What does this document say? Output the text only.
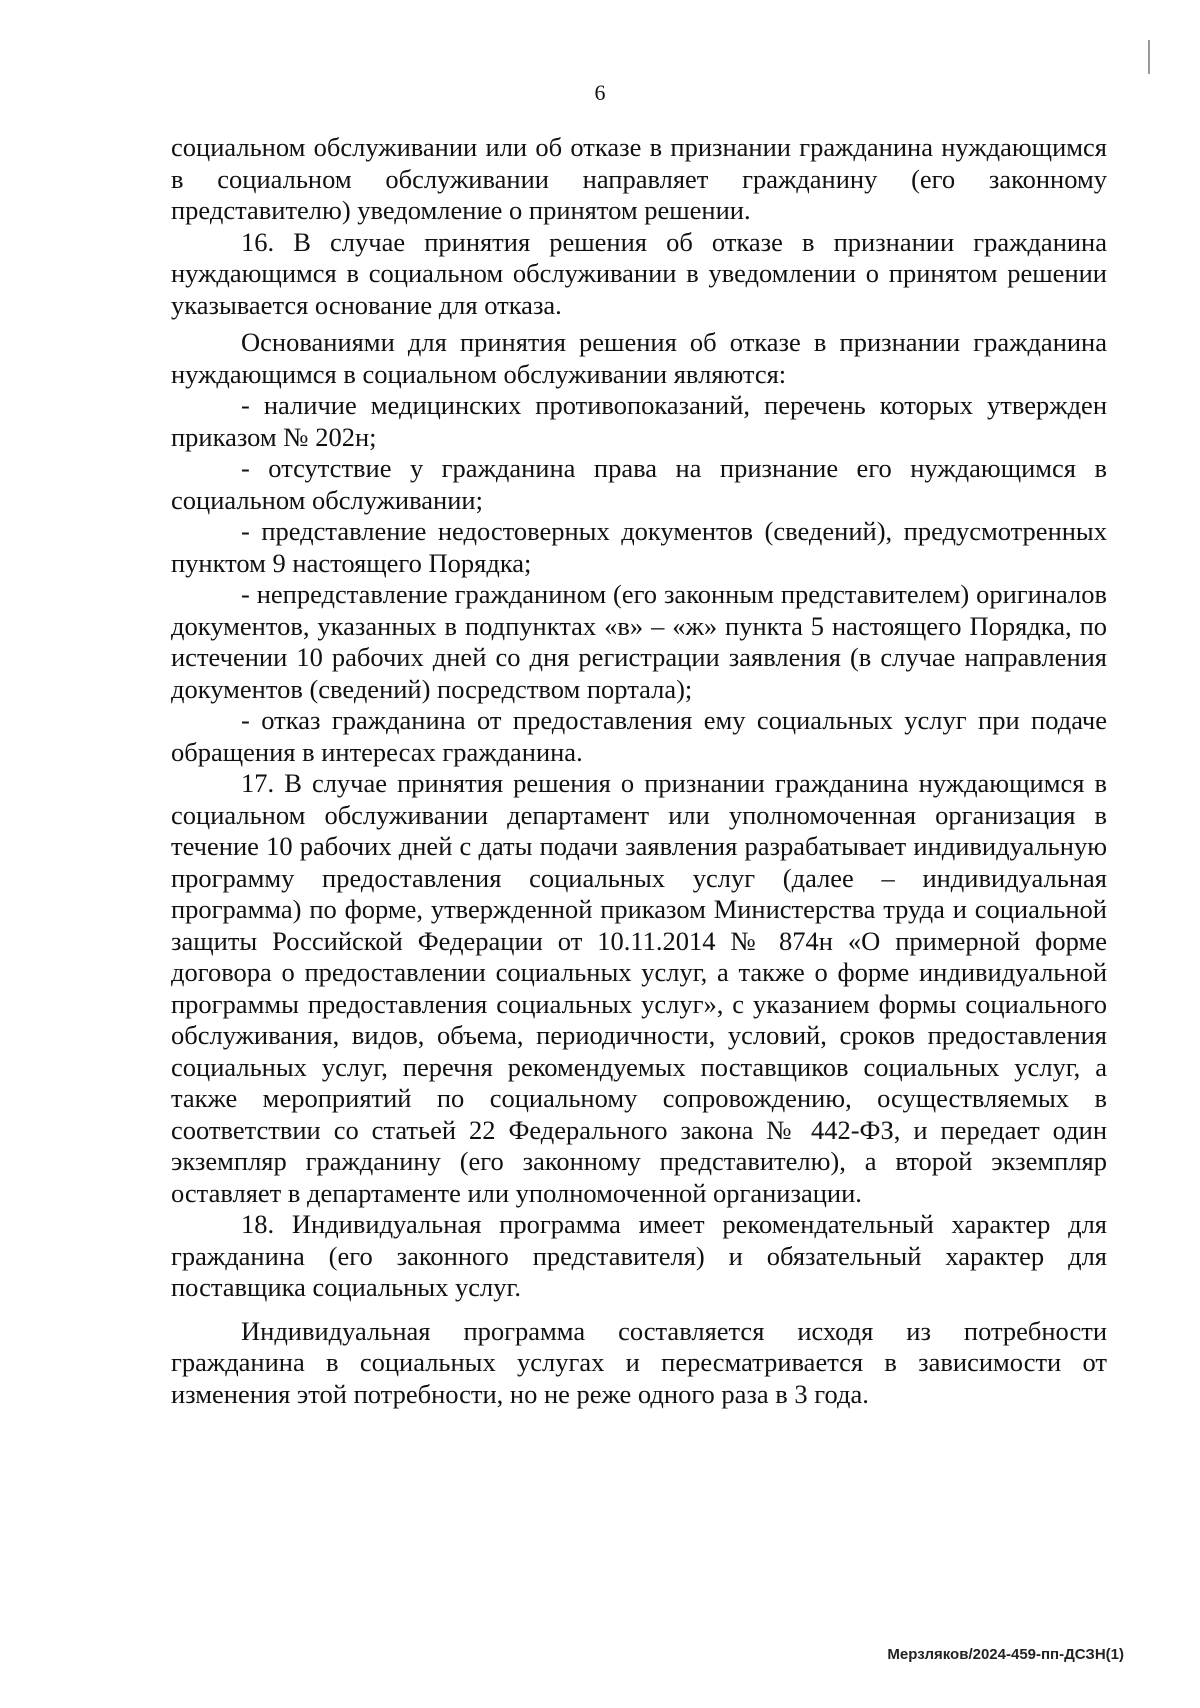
6

социальном обслуживании или об отказе в признании гражданина нуждающимся в социальном обслуживании направляет гражданину (его законному представителю) уведомление о принятом решении.

16. В случае принятия решения об отказе в признании гражданина нуждающимся в социальном обслуживании в уведомлении о принятом решении указывается основание для отказа.

Основаниями для принятия решения об отказе в признании гражданина нуждающимся в социальном обслуживании являются:

- наличие медицинских противопоказаний, перечень которых утвержден приказом № 202н;

- отсутствие у гражданина права на признание его нуждающимся в социальном обслуживании;

- представление недостоверных документов (сведений), предусмотренных пунктом 9 настоящего Порядка;

- непредставление гражданином (его законным представителем) оригиналов документов, указанных в подпунктах «в» – «ж» пункта 5 настоящего Порядка, по истечении 10 рабочих дней со дня регистрации заявления (в случае направления документов (сведений) посредством портала);

- отказ гражданина от предоставления ему социальных услуг при подаче обращения в интересах гражданина.

17. В случае принятия решения о признании гражданина нуждающимся в социальном обслуживании департамент или уполномоченная организация в течение 10 рабочих дней с даты подачи заявления разрабатывает индивидуальную программу предоставления социальных услуг (далее – индивидуальная программа) по форме, утвержденной приказом Министерства труда и социальной защиты Российской Федерации от 10.11.2014 № 874н «О примерной форме договора о предоставлении социальных услуг, а также о форме индивидуальной программы предоставления социальных услуг», с указанием формы социального обслуживания, видов, объема, периодичности, условий, сроков предоставления социальных услуг, перечня рекомендуемых поставщиков социальных услуг, а также мероприятий по социальному сопровождению, осуществляемых в соответствии со статьей 22 Федерального закона № 442-ФЗ, и передает один экземпляр гражданину (его законному представителю), а второй экземпляр оставляет в департаменте или уполномоченной организации.

18. Индивидуальная программа имеет рекомендательный характер для гражданина (его законного представителя) и обязательный характер для поставщика социальных услуг.

Индивидуальная программа составляется исходя из потребности гражданина в социальных услугах и пересматривается в зависимости от изменения этой потребности, но не реже одного раза в 3 года.

Мерзляков/2024-459-пп-ДСЗН(1)
